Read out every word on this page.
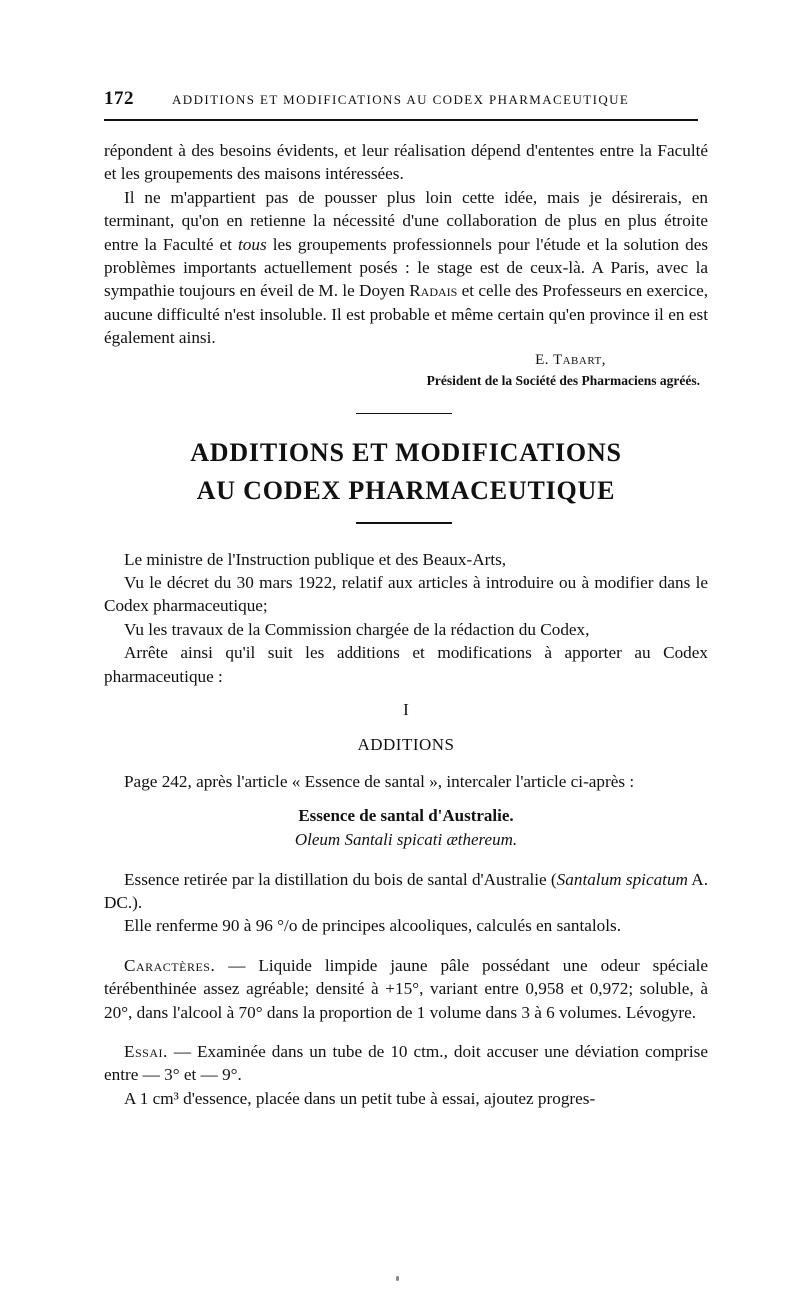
172	ADDITIONS ET MODIFICATIONS AU CODEX PHARMACEUTIQUE

répondent à des besoins évidents, et leur réalisation dépend d'ententes entre la Faculté et les groupements des maisons intéressées.

Il ne m'appartient pas de pousser plus loin cette idée, mais je désirerais, en terminant, qu'on en retienne la nécessité d'une collaboration de plus en plus étroite entre la Faculté et tous les groupements professionnels pour l'étude et la solution des problèmes importants actuellement posés : le stage est de ceux-là. A Paris, avec la sympathie toujours en éveil de M. le Doyen Radais et celle des Professeurs en exercice, aucune difficulté n'est insoluble. Il est probable et même certain qu'en province il en est également ainsi.

E. Tabart,
Président de la Société des Pharmaciens agréés.
ADDITIONS ET MODIFICATIONS
AU CODEX PHARMACEUTIQUE

Le ministre de l'Instruction publique et des Beaux-Arts,

Vu le décret du 30 mars 1922, relatif aux articles à introduire ou à modifier dans le Codex pharmaceutique;

Vu les travaux de la Commission chargée de la rédaction du Codex,

Arrête ainsi qu'il suit les additions et modifications à apporter au Codex pharmaceutique :

I
ADDITIONS

Page 242, après l'article « Essence de santal », intercaler l'article ci-après :

Essence de santal d'Australie.
Oleum Santali spicati æthereum.

Essence retirée par la distillation du bois de santal d'Australie (Santalum spicatum A. DC.).

Elle renferme 90 à 96 °/o de principes alcooliques, calculés en santalols.

Caractères. — Liquide limpide jaune pâle possédant une odeur spéciale térébenthinée assez agréable; densité à +15°, variant entre 0,958 et 0,972; soluble, à 20°, dans l'alcool à 70° dans la proportion de 1 volume dans 3 à 6 volumes. Lévogyre.

Essai. — Examinée dans un tube de 10 ctm., doit accuser une déviation comprise entre — 3° et — 9°.

A 1 cm³ d'essence, placée dans un petit tube à essai, ajoutez progres-
